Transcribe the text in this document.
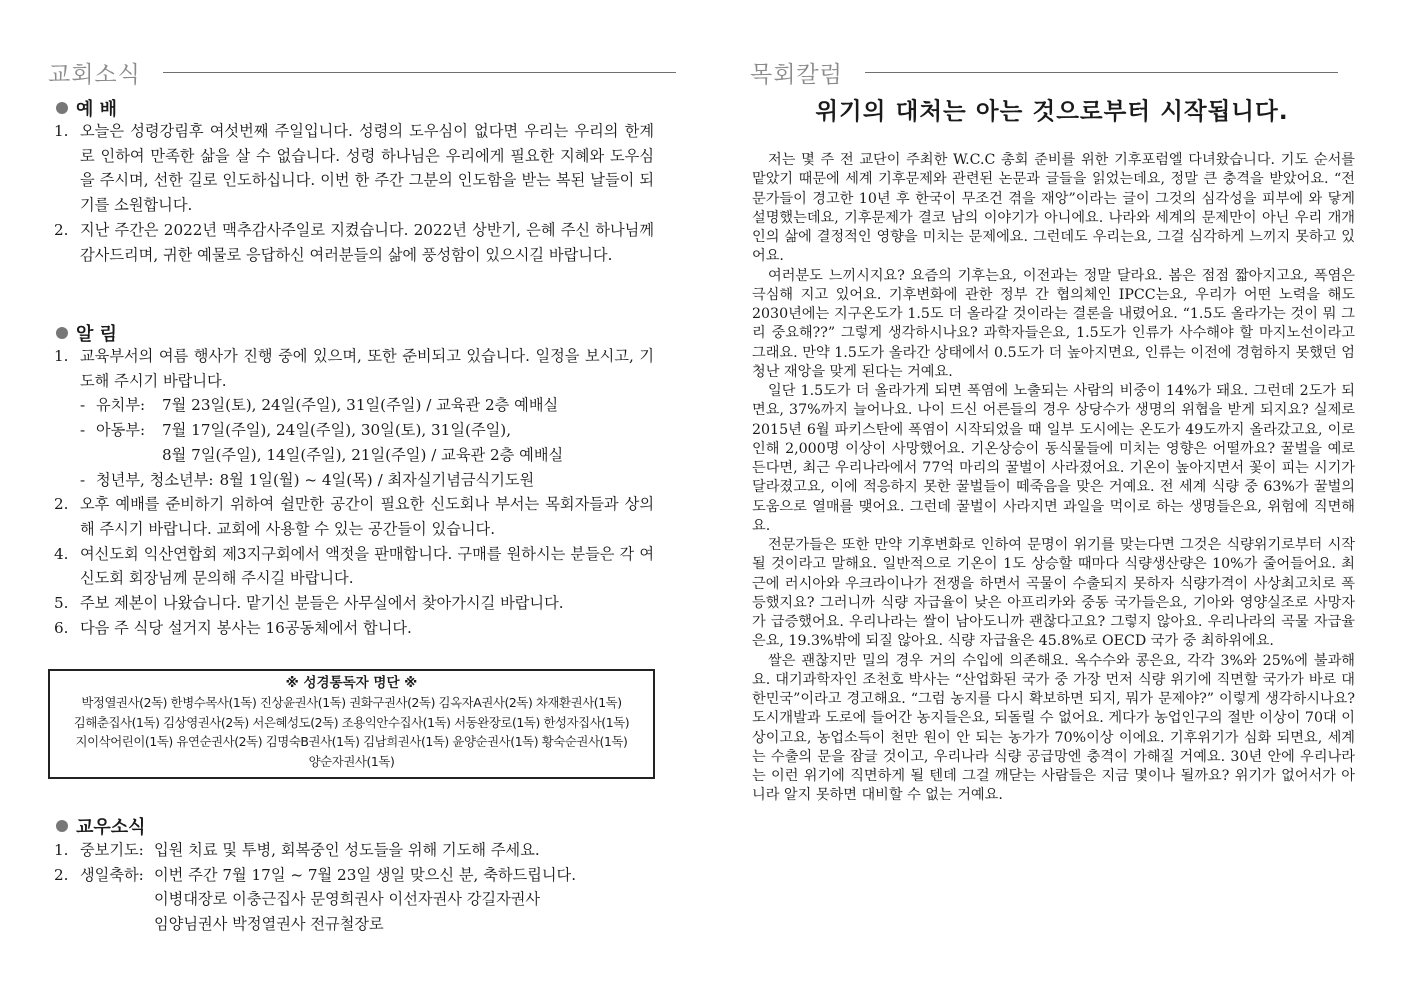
교회소식
예 배
1. 오늘은 성령강림후 여섯번째 주일입니다. 성령의 도우심이 없다면 우리는 우리의 한계로 인하여 만족한 삶을 살 수 없습니다. 성령 하나님은 우리에게 필요한 지혜와 도우심을 주시며, 선한 길로 인도하십니다. 이번 한 주간 그분의 인도함을 받는 복된 날들이 되기를 소원합니다.
2. 지난 주간은 2022년 맥추감사주일로 지켰습니다. 2022년 상반기, 은혜 주신 하나님께 감사드리며, 귀한 예물로 응답하신 여러분들의 삶에 풍성함이 있으시길 바랍니다.
알 림
1. 교육부서의 여름 행사가 진행 중에 있으며, 또한 준비되고 있습니다. 일정을 보시고, 기도해 주시기 바랍니다.
- 유치부:	7월 23일(토), 24일(주일), 31일(주일) / 교육관 2층 예배실
- 아동부:	7월 17일(주일), 24일(주일), 30일(토), 31일(주일),
8월 7일(주일), 14일(주일), 21일(주일) / 교육관 2층 예배실
- 청년부, 청소년부: 8월 1일(월) ~ 4일(목) / 최자실기념금식기도원
2. 오후 예배를 준비하기 위하여 쉴만한 공간이 필요한 신도회나 부서는 목회자들과 상의해 주시기 바랍니다. 교회에 사용할 수 있는 공간들이 있습니다.
4. 여신도회 익산연합회 제3지구회에서 액젓을 판매합니다. 구매를 원하시는 분들은 각 여신도회 회장님께 문의해 주시길 바랍니다.
5. 주보 제본이 나왔습니다. 맡기신 분들은 사무실에서 찾아가시길 바랍니다.
6. 다음 주 식당 설거지 봉사는 16공동체에서 합니다.
※ 성경통독자 명단 ※
박정열권사(2독) 한병수목사(1독) 진상윤권사(1독) 권화구권사(2독) 김옥자A권사(2독) 차재환권사(1독)
김해춘집사(1독) 김상영권사(2독) 서은혜성도(2독) 조용익안수집사(1독) 서동완장로(1독) 한성자집사(1독)
지이삭어린이(1독) 유연순권사(2독) 김명숙B권사(1독) 김남희권사(1독) 윤양순권사(1독) 황숙순권사(1독)
양순자권사(1독)
교우소식
1. 중보기도: 입원 치료 및 투병, 회복중인 성도들을 위해 기도해 주세요.
2. 생일축하: 이번 주간 7월 17일 ~ 7월 23일 생일 맞으신 분, 축하드립니다.
이병대장로 이충근집사 문영희권사 이선자권사 강길자권사
임양님권사 박정열권사 전규철장로
목회칼럼
위기의 대처는 아는 것으로부터 시작됩니다.

저는 몇 주 전 교단이 주최한 W.C.C 총회 준비를 위한 기후포럼엘 다녀왔습니다. 기도 순서를 맡았기 때문에 세계 기후문제와 관련된 논문과 글들을 읽었는데요, 정말 큰 충격을 받았어요. “전문가들이 경고한 10년 후 한국이 무조건 겪을 재앙”이라는 글이 그것의 심각성을 피부에 와 닿게 설명했는데요, 기후문제가 결코 남의 이야기가 아니에요. 나라와 세계의 문제만이 아닌 우리 개개인의 삶에 결정적인 영향을 미치는 문제에요. 그런데도 우리는요, 그걸 심각하게 느끼지 못하고 있어요.

여러분도 느끼시지요? 요즘의 기후는요, 이전과는 정말 달라요. 봄은 점점 짧아지고요, 폭염은 극심해 지고 있어요. 기후변화에 관한 정부 간 협의체인 IPCC는요, 우리가 어떤 노력을 해도 2030년에는 지구온도가 1.5도 더 올라갈 것이라는 결론을 내렸어요. “1.5도 올라가는 것이 뭐 그리 중요해??” 그렇게 생각하시나요? 과학자들은요, 1.5도가 인류가 사수해야 할 마지노선이라고 그래요. 만약 1.5도가 올라간 상태에서 0.5도가 더 높아지면요, 인류는 이전에 경험하지 못했던 엄청난 재앙을 맞게 된다는 거예요.

일단 1.5도가 더 올라가게 되면 폭염에 노출되는 사람의 비중이 14%가 돼요. 그런데 2도가 되면요, 37%까지 늘어나요. 나이 드신 어른들의 경우 상당수가 생명의 위협을 받게 되지요? 실제로 2015년 6월 파키스탄에 폭염이 시작되었을 때 일부 도시에는 온도가 49도까지 올라갔고요, 이로 인해 2,000명 이상이 사망했어요. 기온상승이 동식물들에 미치는 영향은 어떨까요? 꿀벌을 예로 든다면, 최근 우리나라에서 77억 마리의 꿀벌이 사라졌어요. 기온이 높아지면서 꽃이 피는 시기가 달라졌고요, 이에 적응하지 못한 꿀벌들이 떼죽음을 맞은 거예요. 전 세계 식량 중 63%가 꿀벌의 도움으로 열매를 맺어요. 그런데 꿀벌이 사라지면 과일을 먹이로 하는 생명들은요, 위험에 직면해요.

전문가들은 또한 만약 기후변화로 인하여 문명이 위기를 맞는다면 그것은 식량위기로부터 시작될 것이라고 말해요. 일반적으로 기온이 1도 상승할 때마다 식량생산량은 10%가 줄어들어요. 최근에 러시아와 우크라이나가 전쟁을 하면서 곡물이 수출되지 못하자 식량가격이 사상최고치로 폭등했지요? 그러니까 식량 자급율이 낮은 아프리카와 중동 국가들은요, 기아와 영양실조로 사망자가 급증했어요. 우리나라는 쌀이 남아도니까 괜찮다고요? 그렇지 않아요. 우리나라의 곡물 자급율은요, 19.3%밖에 되질 않아요. 식량 자급율은 45.8%로 OECD 국가 중 최하위에요.

쌀은 괜찮지만 밀의 경우 거의 수입에 의존해요. 옥수수와 콩은요, 각각 3%와 25%에 불과해요. 대기과학자인 조천호 박사는 “산업화된 국가 중 가장 먼저 식량 위기에 직면할 국가가 바로 대한민국”이라고 경고해요. “그럼 농지를 다시 확보하면 되지, 뭐가 문제야?” 이렇게 생각하시나요? 도시개발과 도로에 들어간 농지들은요, 되돌릴 수 없어요. 게다가 농업인구의 절반 이상이 70대 이상이고요, 농업소득이 천만 원이 안 되는 농가가 70%이상 이에요. 기후위기가 심화 되면요, 세계는 수출의 문을 잠글 것이고, 우리나라 식량 공급망엔 충격이 가해질 거예요. 30년 안에 우리나라는 이런 위기에 직면하게 될 텐데 그걸 깨닫는 사람들은 지금 몇이나 될까요? 위기가 없어서가 아니라 알지 못하면 대비할 수 없는 거예요.
